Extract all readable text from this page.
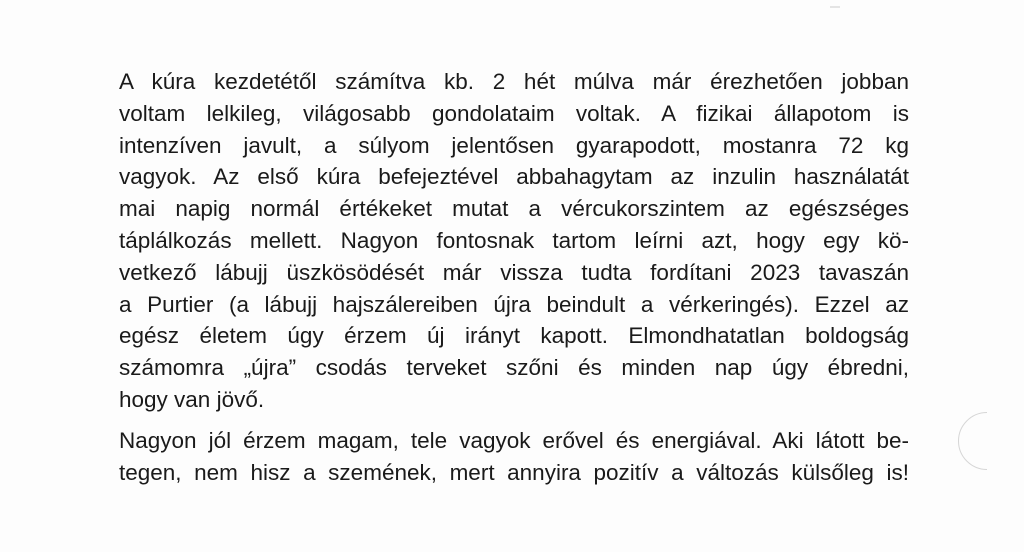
A kúra kezdetétől számítva kb. 2 hét múlva már érezhetően jobban

voltam lelkileg, világosabb gondolataim voltak. A fizikai állapotom is

intenzíven javult, a súlyom jelentősen gyarapodott, mostanra 72 kg

vagyok. Az első kúra befejeztével abbahagytam az inzulin használatát

mai napig normál értékeket mutat a vércukorszintem az egészséges

táplálkozás mellett. Nagyon fontosnak tartom leírni azt, hogy egy kö-

vetkező lábujj üszkösödését már vissza tudta fordítani 2023 tavaszán

a Purtier (a lábujj hajszálereiben újra beindult a vérkeringés). Ezzel az

egész életem úgy érzem új irányt kapott. Elmondhatatlan boldogság

számomra „újra” csodás terveket szőni és minden nap úgy ébredni,

hogy van jövő.

Nagyon jól érzem magam, tele vagyok erővel és energiával. Aki látott be-

tegen, nem hisz a szemének, mert annyira pozitív a változás külsőleg is!
